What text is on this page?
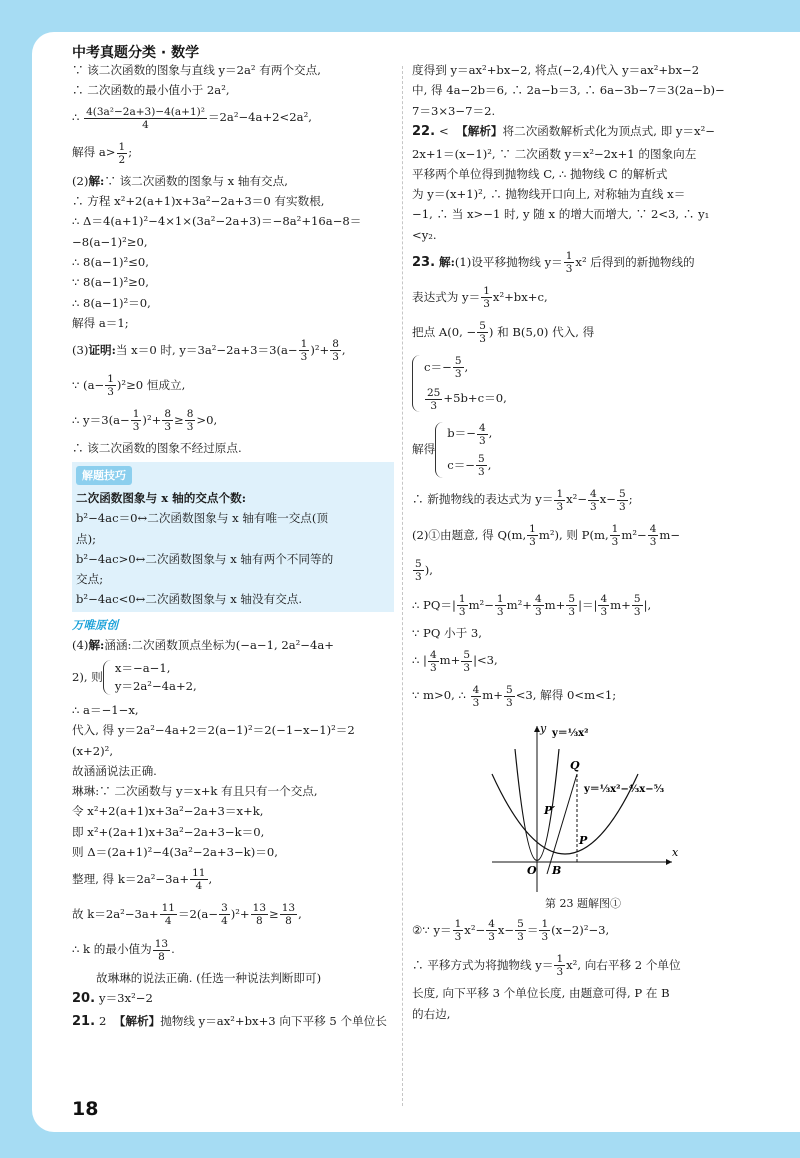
中考真题分类 · 数学
∵ 该二次函数的图象与直线 y＝2a² 有两个交点,
∴ 二次函数的最小值小于 2a²,
∴
$\frac{\text{4(3a²−2a+3)−4(a+1)²}}{4} =2a^2-4a+2<2a^2$,
解得 $a> \frac{1}{2}$ ;
(2)解:∵ 该二次函数的图象与 x 轴有交点,
∴ 方程 x²+2(a+1)x+3a²−2a+3＝0 有实数根,
∴ Δ＝4(a+1)²−4×1×(3a²−2a+3)＝−8a²+16a−8＝
−8(a−1)²≥0,
∴ 8(a−1)²≤0,
∵ 8(a−1)²≥0,
∴ 8(a−1)²＝0,
解得 a＝1;
(3) 证明: 当 x＝0 时, $y=3a^2-2a+3=3(a- \frac{1}{3} )^2+ \frac{8}{3}$ ,
∵ $(a- \frac{1}{3} )^2\ge 0$ 恒成立,
∴ $y=3(a- \frac{1}{3} )^2+ \frac{8}{3} \ge \frac{8}{3} >0$,
∴ 该二次函数的图象不经过原点.
解题技巧
二次函数图象与 x 轴的交点个数:
b²−4ac＝0↔二次函数图象与 x 轴有唯一交点(顶
点);
b²−4ac>0↔二次函数图象与 x 轴有两个不同等的
交点;
b²−4ac<0↔二次函数图象与 x 轴没有交点.
万唯原创
(4)解:涵涵:二次函数顶点坐标为(−a−1, 2a²−4a+
2), 则
x＝−a−1,
y＝2a²−4a+2,
∴ a＝−1−x,
代入, 得 y＝2a²−4a+2＝2(a−1)²＝2(−1−x−1)²＝2
(x+2)²,
故涵涵说法正确.
琳琳:∵ 二次函数与 y＝x+k 有且只有一个交点,
令 x²+2(a+1)x+3a²−2a+3＝x+k,
即 x²+(2a+1)x+3a²−2a+3−k＝0,
则 Δ＝(2a+1)²−4(3a²−2a+3−k)＝0,
整理, 得 $k=2a^2-3a+ \frac{11}{4}$ ,
故 $k=2a^2-3a+ \frac{11}{4} =2(a- \frac{3}{4} )^2+ \frac{13}{8} \ge \frac{13}{8}$ ,
∴ k 的最小值为 $\frac{13}{8}$ .
故琳琳的说法正确. (任选一种说法判断即可)
20. y＝3x²−2
21. 2 【解析】抛物线 y＝ax²+bx+3 向下平移 5 个单位长
度得到 y＝ax²+bx−2, 将点(−2,4)代入 y＝ax²+bx−2
中, 得 4a−2b＝6, ∴ 2a−b＝3, ∴ 6a−3b−7＝3(2a−b)−
7＝3×3−7＝2.
22. < 【解析】将二次函数解析式化为顶点式, 即 y＝x²−
2x+1＝(x−1)², ∵ 二次函数 y＝x²−2x+1 的图象向左
平移两个单位得到抛物线 C, ∴ 抛物线 C 的解析式
为 y＝(x+1)², ∴ 抛物线开口向上, 对称轴为直线 x＝
−1, ∴ 当 x>−1 时, y 随 x 的增大而增大, ∵ 2<3, ∴ y₁
<y₂.
23. 解: (1)设平移抛物线 $y= \frac{1}{3} x^2$ 后得到的新抛物线的
表达式为 $y= \frac{1}{3} x^2+bx+c$,
把点 A(0, − $\frac{5}{3}$ ) 和 B(5,0) 代入, 得
$c=- \frac{5}{3}$ ,
$\frac{25}{3} +5b+c=0$,
解得
$b=- \frac{4}{3}$ ,
$c=- \frac{5}{3}$ ,
∴ 新抛物线的表达式为 $y= \frac{1}{3} x^2- \frac{4}{3} x- \frac{5}{3}$ ;
(2)①由题意, 得 Q(m, $\frac{1}{3} m^2$), 则 P(m, $\frac{1}{3} m^2- \frac{4}{3} m-$
$\frac{5}{3}$ ),
∴ $PQ=| \frac{1}{3} m^2- \frac{1}{3} m^2+ \frac{4}{3} m+ \frac{5}{3}$ |＝| $\frac{4}{3} m+ \frac{5}{3}$ |,
∵ PQ 小于 3,
∴ | $\frac{4}{3} m+ \frac{5}{3} |<3$,
∵ m>0, ∴
$\frac{4}{3} m+ \frac{5}{3} <3$, 解得 0<m<1;
y
x
O B
Q
P
P′
y＝⅓x²
y＝⅓x²−⁴⁄₃x−⁵⁄₃
第 23 题解图①
②∵ $y= \frac{1}{3} x^2- \frac{4}{3} x- \frac{5}{3} = \frac{1}{3} (x-2)^2-3$,
∴ 平移方式为将抛物线 $y= \frac{1}{3} x^2$, 向右平移 2 个单位
长度, 向下平移 3 个单位长度, 由题意可得, P 在 B
的右边,
18
